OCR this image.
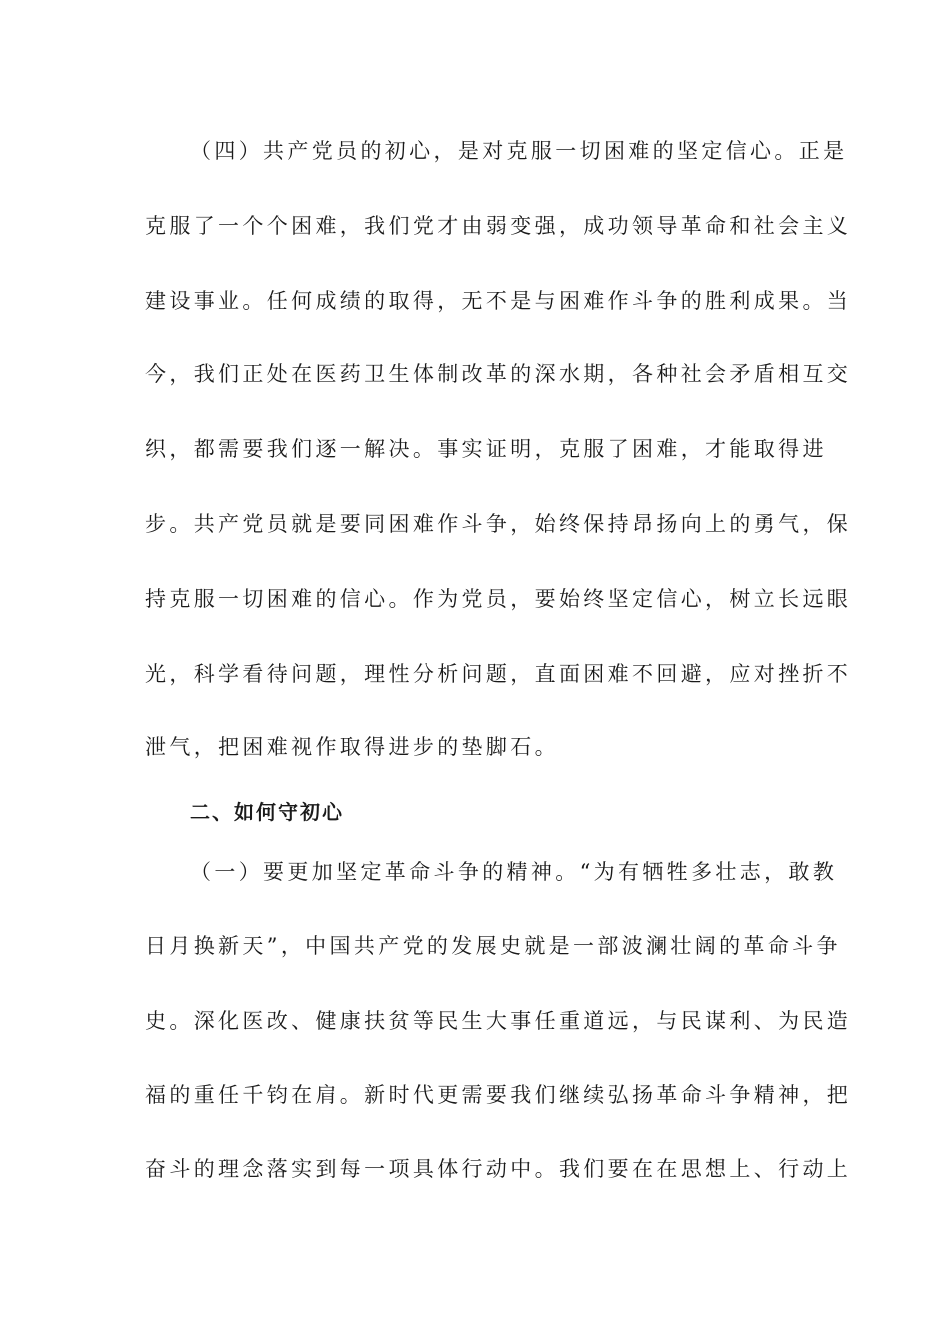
（四）共产党员的初心，是对克服一切困难的坚定信心。正是
克服了一个个困难，我们党才由弱变强，成功领导革命和社会主义
建设事业。任何成绩的取得，无不是与困难作斗争的胜利成果。当
今，我们正处在医药卫生体制改革的深水期，各种社会矛盾相互交
织，都需要我们逐一解决。事实证明，克服了困难，才能取得进
步。共产党员就是要同困难作斗争，始终保持昂扬向上的勇气，保
持克服一切困难的信心。作为党员，要始终坚定信心，树立长远眼
光，科学看待问题，理性分析问题，直面困难不回避，应对挫折不
泄气，把困难视作取得进步的垫脚石。
二、如何守初心
（一）要更加坚定革命斗争的精神。“为有牺牲多壮志，敢教
日月换新天”，中国共产党的发展史就是一部波澜壮阔的革命斗争
史。深化医改、健康扶贫等民生大事任重道远，与民谋利、为民造
福的重任千钧在肩。新时代更需要我们继续弘扬革命斗争精神，把
奋斗的理念落实到每一项具体行动中。我们要在在思想上、行动上
